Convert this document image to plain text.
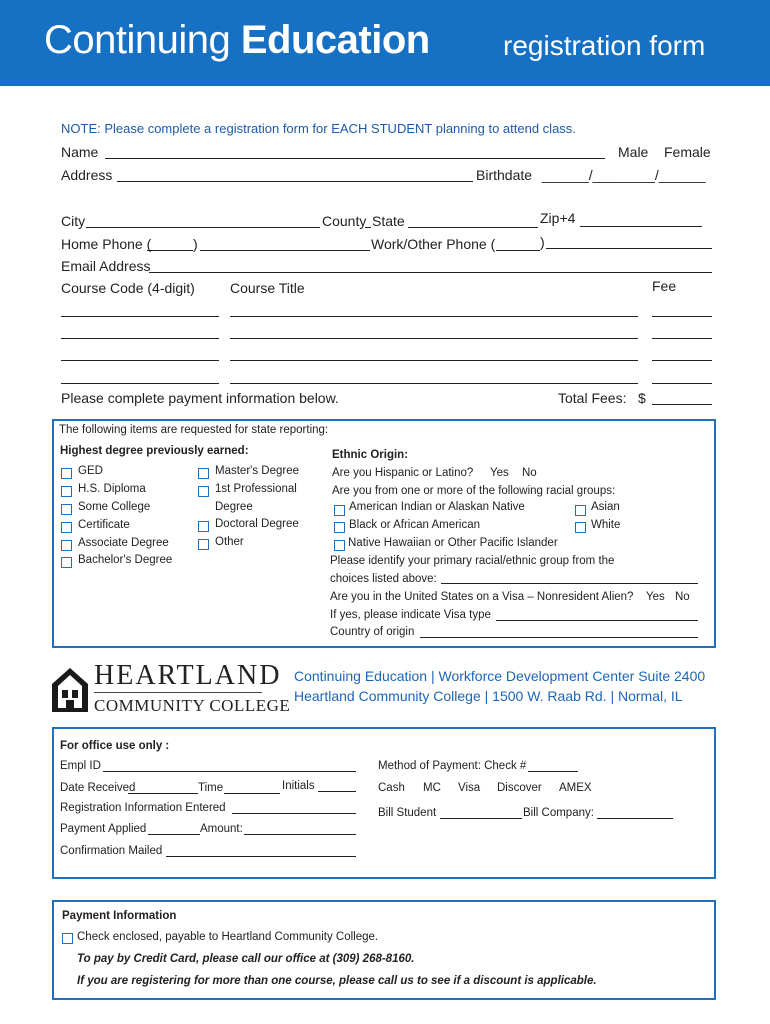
Continuing Education	registration form
NOTE: Please complete a registration form for EACH STUDENT planning to attend class.
Name	Male Female
Address	Birthdate ______/________/______
City	County State	Zip+4
Home Phone (	)	Work/Other Phone (	)
Email Address
Course Code (4-digit)	Course Title	Fee
Please complete payment information below.	Total Fees: $
The following items are requested for state reporting:
Highest degree previously earned:
GED
H.S. Diploma
Some College
Certificate
Associate Degree
Bachelor's Degree
Master's Degree
1st Professional
Degree
Doctoral Degree
Other
Ethnic Origin:
Are you Hispanic or Latino? Yes No
Are you from one or more of the following racial groups:
American Indian or Alaskan Native
Black or African American
Native Hawaiian or Other Pacific Islander
Asian
White
Please identify your primary racial/ethnic group from the
choices listed above:
Are you in the United States on a Visa – Nonresident Alien? Yes No
If yes, please indicate Visa type
Country of origin
HEARTLAND
COMMUNITY COLLEGE
Continuing Education | Workforce Development Center Suite 2400
Heartland Community College | 1500 W. Raab Rd. | Normal, IL
For office use only :
Empl ID
Date Received	Time	Initials
Registration Information Entered
Payment Applied	Amount:
Confirmation Mailed
Method of Payment: Check #
Cash MC Visa Discover AMEX
Bill Student	Bill Company:
Payment Information
Check enclosed, payable to Heartland Community College.
To pay by Credit Card, please call our office at (309) 268-8160.
If you are registering for more than one course, please call us to see if a discount is applicable.
